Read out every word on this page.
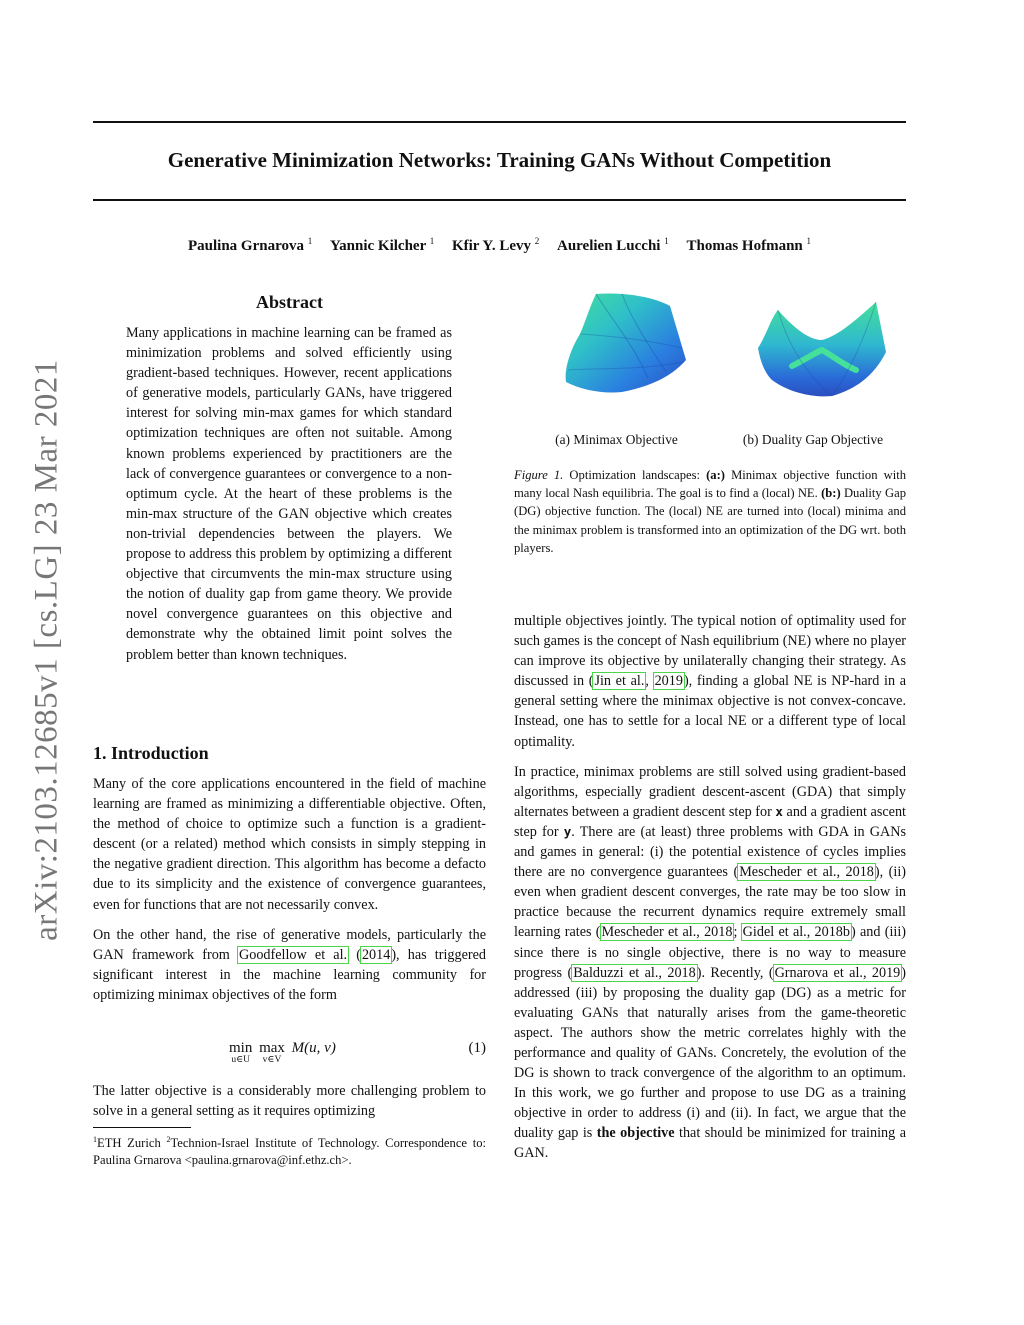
arXiv:2103.12685v1 [cs.LG] 23 Mar 2021
Generative Minimization Networks: Training GANs Without Competition
Paulina Grnarova $^1$ Yannic Kilcher $^1$ Kfir Y. Levy $^2$ Aurelien Lucchi $^1$ Thomas Hofmann $^1$
Abstract
Many applications in machine learning can be framed as minimization problems and solved efficiently using gradient-based techniques. However, recent applications of generative models, particularly GANs, have triggered interest for solving min-max games for which standard optimization techniques are often not suitable. Among known problems experienced by practitioners are the lack of convergence guarantees or convergence to a non-optimum cycle. At the heart of these problems is the min-max structure of the GAN objective which creates non-trivial dependencies between the players. We propose to address this problem by optimizing a different objective that circumvents the min-max structure using the notion of duality gap from game theory. We provide novel convergence guarantees on this objective and demonstrate why the obtained limit point solves the problem better than known techniques.
1. Introduction

Many of the core applications encountered in the field of machine learning are framed as minimizing a differentiable objective. Often, the method of choice to optimize such a function is a gradient-descent (or a related) method which consists in simply stepping in the negative gradient direction. This algorithm has become a defacto due to its simplicity and the existence of convergence guarantees, even for functions that are not necessarily convex.

On the other hand, the rise of generative models, particularly the GAN framework from Goodfellow et al. (2014), has triggered significant interest in the machine learning community for optimizing minimax objectives of the form

min
u∈U
max
v∈V
M(u, v)	(1)
The latter objective is a considerably more challenging problem to solve in a general setting as it requires optimizing
$^1$ETH Zurich $^2$Technion-Israel Institute of Technology. Correspondence to: Paulina Grnarova <paulina.grnarova@inf.ethz.ch>.
(a) Minimax Objective	(b) Duality Gap Objective
Figure 1. Optimization landscapes: (a:) Minimax objective function with many local Nash equilibria. The goal is to find a (local) NE. (b:) Duality Gap (DG) objective function. The (local) NE are turned into (local) minima and the minimax problem is transformed into an optimization of the DG wrt. both players.

multiple objectives jointly. The typical notion of optimality used for such games is the concept of Nash equilibrium (NE) where no player can improve its objective by unilaterally changing their strategy. As discussed in (Jin et al., 2019), finding a global NE is NP-hard in a general setting where the minimax objective is not convex-concave. Instead, one has to settle for a local NE or a different type of local optimality.

In practice, minimax problems are still solved using gradient-based algorithms, especially gradient descent-ascent (GDA) that simply alternates between a gradient descent step for x and a gradient ascent step for y. There are (at least) three problems with GDA in GANs and games in general: (i) the potential existence of cycles implies there are no convergence guarantees (Mescheder et al., 2018), (ii) even when gradient descent converges, the rate may be too slow in practice because the recurrent dynamics require extremely small learning rates (Mescheder et al., 2018; Gidel et al., 2018b) and (iii) since there is no single objective, there is no way to measure progress (Balduzzi et al., 2018). Recently, (Grnarova et al., 2019) addressed (iii) by proposing the duality gap (DG) as a metric for evaluating GANs that naturally arises from the game-theoretic aspect. The authors show the metric correlates highly with the performance and quality of GANs. Concretely, the evolution of the DG is shown to track convergence of the algorithm to an optimum. In this work, we go further and propose to use DG as a training objective in order to address (i) and (ii). In fact, we argue that the duality gap is the objective that should be minimized for training a GAN.
